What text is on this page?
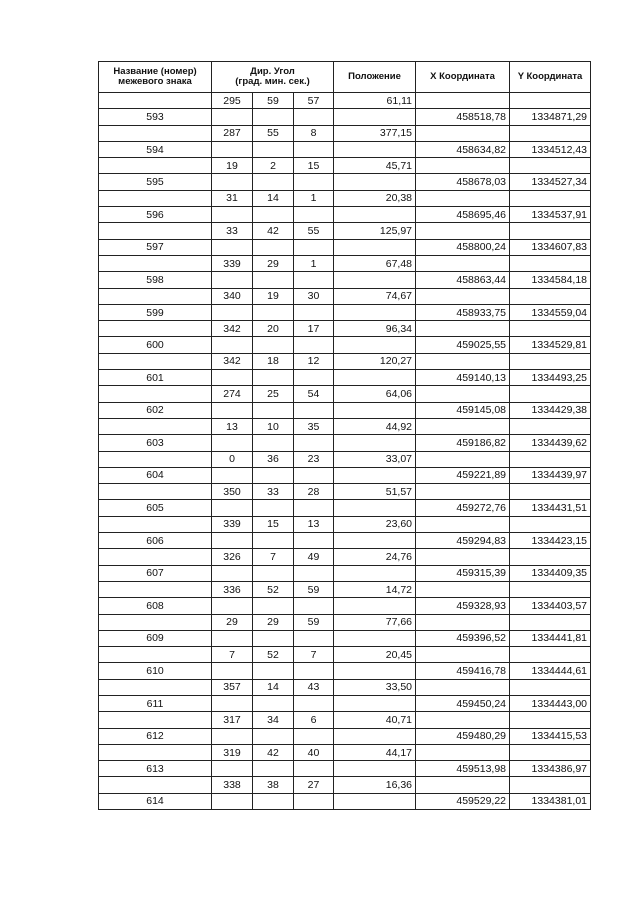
Название (номер)
межевого знака	Дир. Угол
(град. мин. сек.)			Положение	X Координата	Y Координата
	295	59	57	61,11		
593					458518,78	1334871,29
	287	55	8	377,15		
594					458634,82	1334512,43
	19	2	15	45,71		
595					458678,03	1334527,34
	31	14	1	20,38		
596					458695,46	1334537,91
	33	42	55	125,97		
597					458800,24	1334607,83
	339	29	1	67,48		
598					458863,44	1334584,18
	340	19	30	74,67		
599					458933,75	1334559,04
	342	20	17	96,34		
600					459025,55	1334529,81
	342	18	12	120,27		
601					459140,13	1334493,25
	274	25	54	64,06		
602					459145,08	1334429,38
	13	10	35	44,92		
603					459186,82	1334439,62
	0	36	23	33,07		
604					459221,89	1334439,97
	350	33	28	51,57		
605					459272,76	1334431,51
	339	15	13	23,60		
606					459294,83	1334423,15
	326	7	49	24,76		
607					459315,39	1334409,35
	336	52	59	14,72		
608					459328,93	1334403,57
	29	29	59	77,66		
609					459396,52	1334441,81
	7	52	7	20,45		
610					459416,78	1334444,61
	357	14	43	33,50		
611					459450,24	1334443,00
	317	34	6	40,71		
612					459480,29	1334415,53
	319	42	40	44,17		
613					459513,98	1334386,97
	338	38	27	16,36		
614					459529,22	1334381,01
